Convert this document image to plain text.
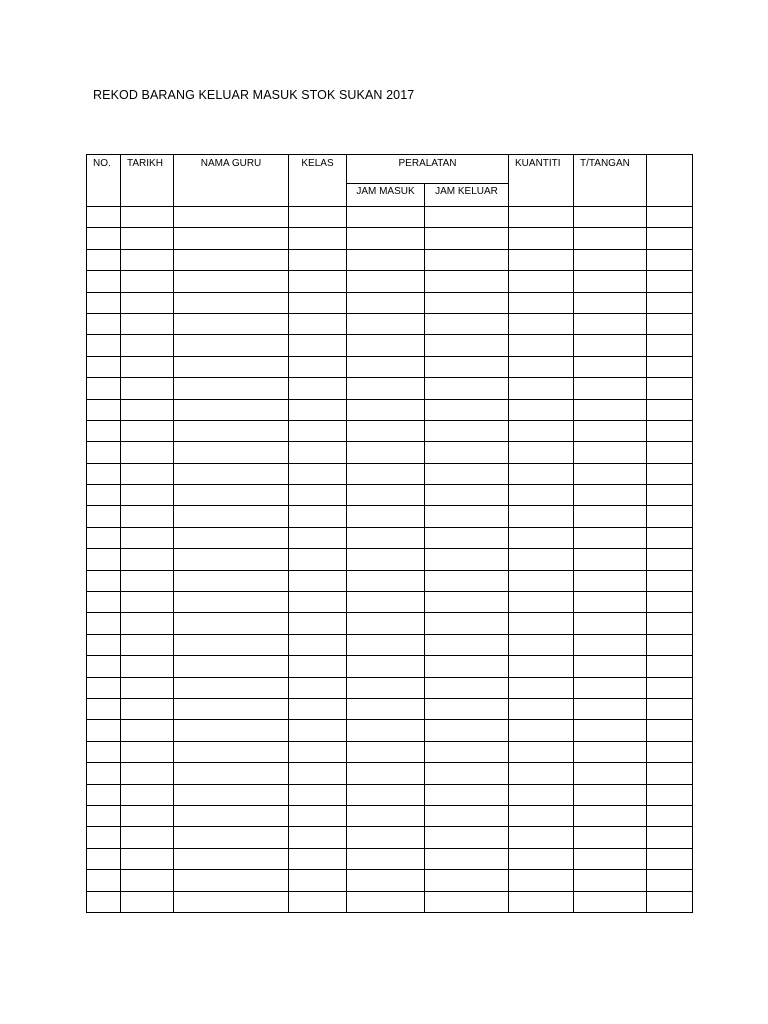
REKOD BARANG KELUAR MASUK STOK SUKAN 2017
NO.	TARIKH	NAMA GURU	KELAS	PERALATAN		KUANTITI	T/TANGAN	
				JAM MASUK	JAM KELUAR			
